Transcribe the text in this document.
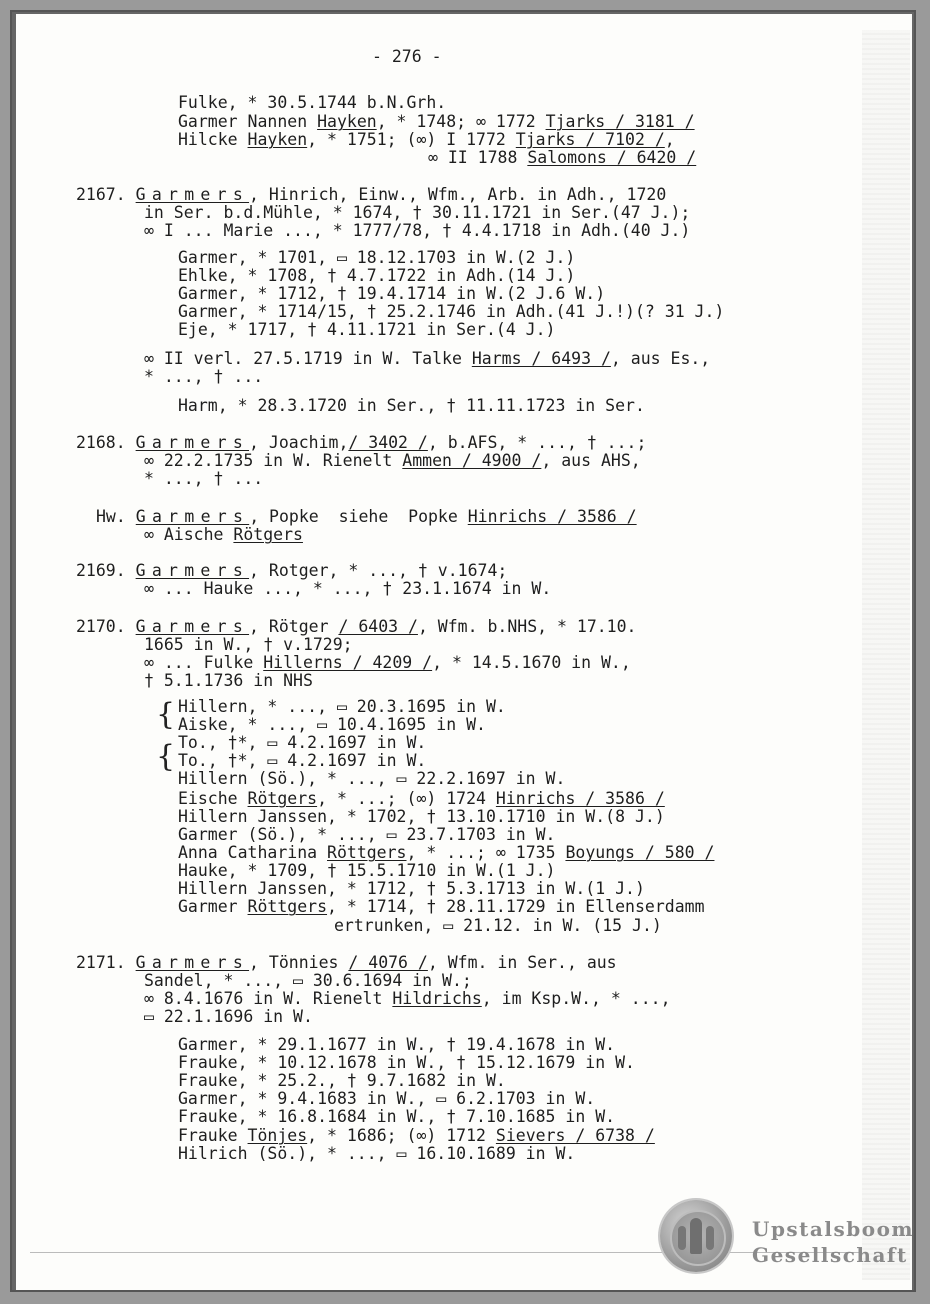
- 276 -
Fulke, * 30.5.1744 b.N.Grh.
Garmer Nannen Hayken, * 1748; ∞ 1772 Tjarks / 3181 /
Hilcke Hayken, * 1751; (∞) I 1772 Tjarks / 7102 /,
∞ II 1788 Salomons / 6420 /
2167. Garmers, Hinrich, Einw., Wfm., Arb. in Adh., 1720
in Ser. b.d.Mühle, * 1674, † 30.11.1721 in Ser.(47 J.);
∞ I ... Marie ..., * 1777/78, † 4.4.1718 in Adh.(40 J.)
Garmer, * 1701, ▭ 18.12.1703 in W.(2 J.)
Ehlke, * 1708, † 4.7.1722 in Adh.(14 J.)
Garmer, * 1712, † 19.4.1714 in W.(2 J.6 W.)
Garmer, * 1714/15, † 25.2.1746 in Adh.(41 J.!)(? 31 J.)
Eje, * 1717, † 4.11.1721 in Ser.(4 J.)
∞ II verl. 27.5.1719 in W. Talke Harms / 6493 /, aus Es.,
* ..., † ...
Harm, * 28.3.1720 in Ser., † 11.11.1723 in Ser.
2168. Garmers, Joachim,/ 3402 /, b.AFS, * ..., † ...;
∞ 22.2.1735 in W. Rienelt Ammen / 4900 /, aus AHS,
* ..., † ...
Hw. Garmers, Popke  siehe  Popke Hinrichs / 3586 /
∞ Aische Rötgers
2169. Garmers, Rotger, * ..., † v.1674;
∞ ... Hauke ..., * ..., † 23.1.1674 in W.
2170. Garmers, Rötger / 6403 /, Wfm. b.NHS, * 17.10.
1665 in W., † v.1729;
∞ ... Fulke Hillerns / 4209 /, * 14.5.1670 in W.,
† 5.1.1736 in NHS
Hillern, * ..., ▭ 20.3.1695 in W.
Aiske, * ..., ▭ 10.4.1695 in W.
To., †*, ▭ 4.2.1697 in W.
To., †*, ▭ 4.2.1697 in W.
Hillern (Sö.), * ..., ▭ 22.2.1697 in W.
Eische Rötgers, * ...; (∞) 1724 Hinrichs / 3586 /
Hillern Janssen, * 1702, † 13.10.1710 in W.(8 J.)
Garmer (Sö.), * ..., ▭ 23.7.1703 in W.
Anna Catharina Röttgers, * ...; ∞ 1735 Boyungs / 580 /
Hauke, * 1709, † 15.5.1710 in W.(1 J.)
Hillern Janssen, * 1712, † 5.3.1713 in W.(1 J.)
Garmer Röttgers, * 1714, † 28.11.1729 in Ellenserdamm
ertrunken, ▭ 21.12. in W. (15 J.)
2171. Garmers, Tönnies / 4076 /, Wfm. in Ser., aus
Sandel, * ..., ▭ 30.6.1694 in W.;
∞ 8.4.1676 in W. Rienelt Hildrichs, im Ksp.W., * ...,
▭ 22.1.1696 in W.
Garmer, * 29.1.1677 in W., † 19.4.1678 in W.
Frauke, * 10.12.1678 in W., † 15.12.1679 in W.
Frauke, * 25.2., † 9.7.1682 in W.
Garmer, * 9.4.1683 in W., ▭ 6.2.1703 in W.
Frauke, * 16.8.1684 in W., † 7.10.1685 in W.
Frauke Tönjes, * 1686; (∞) 1712 Sievers / 6738 /
Hilrich (Sö.), * ..., ▭ 16.10.1689 in W.
{
{
Upstalsboom
Gesellschaft
